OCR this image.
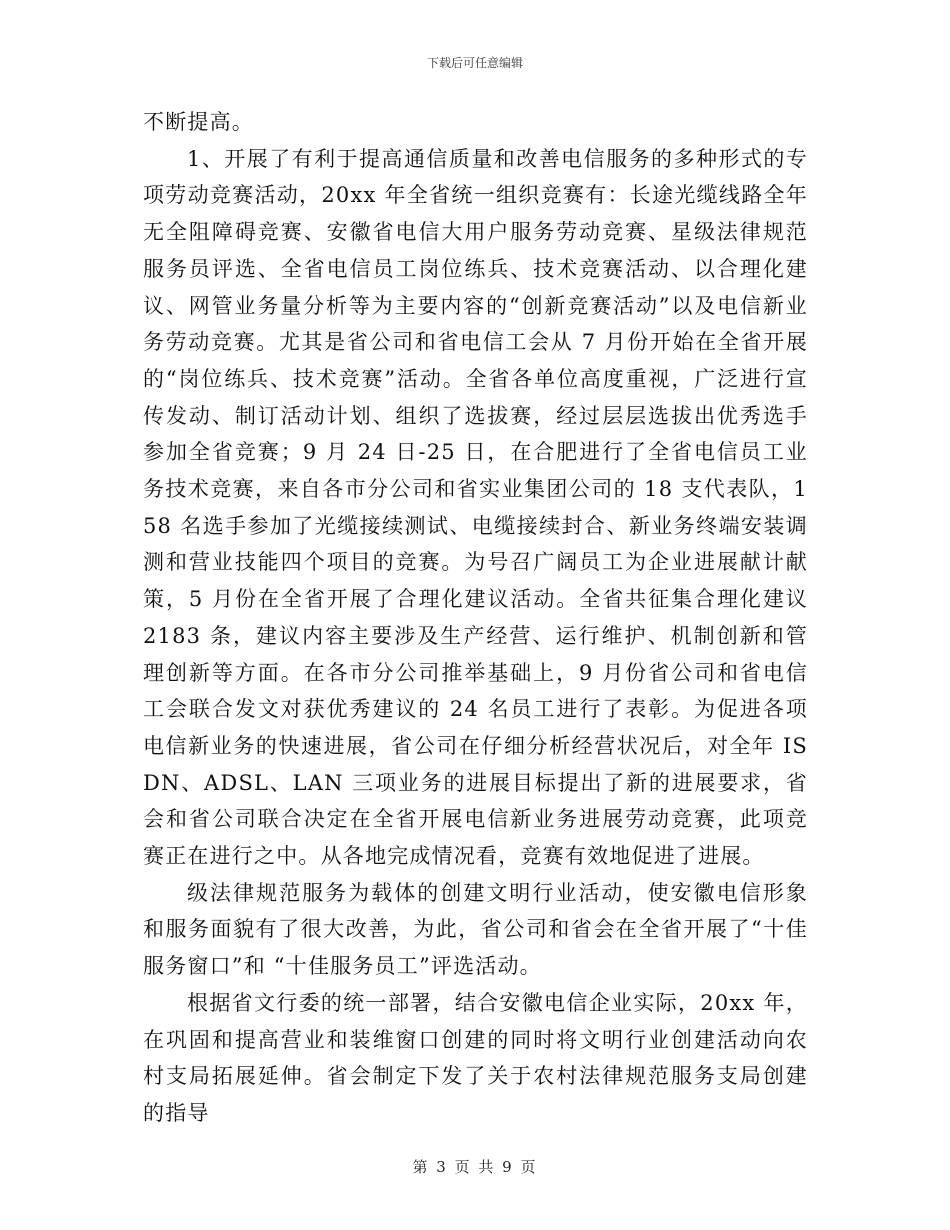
下载后可任意编辑

不断提高。

1、开展了有利于提高通信质量和改善电信服务的多种形式的专项劳动竞赛活动，20xx 年全省统一组织竞赛有：长途光缆线路全年无全阻障碍竞赛、安徽省电信大用户服务劳动竞赛、星级法律规范服务员评选、全省电信员工岗位练兵、技术竞赛活动、以合理化建议、网管业务量分析等为主要内容的“创新竞赛活动”以及电信新业务劳动竞赛。尤其是省公司和省电信工会从 7 月份开始在全省开展的“岗位练兵、技术竞赛”活动。全省各单位高度重视，广泛进行宣传发动、制订活动计划、组织了选拔赛，经过层层选拔出优秀选手参加全省竞赛；9 月 24 日-25 日，在合肥进行了全省电信员工业务技术竞赛，来自各市分公司和省实业集团公司的 18 支代表队，158 名选手参加了光缆接续测试、电缆接续封合、新业务终端安装调测和营业技能四个项目的竞赛。为号召广阔员工为企业进展献计献策，5 月份在全省开展了合理化建议活动。全省共征集合理化建议 2183 条，建议内容主要涉及生产经营、运行维护、机制创新和管理创新等方面。在各市分公司推举基础上，9 月份省公司和省电信工会联合发文对获优秀建议的 24 名员工进行了表彰。为促进各项电信新业务的快速进展，省公司在仔细分析经营状况后，对全年 ISDN、ADSL、LAN 三项业务的进展目标提出了新的进展要求，省会和省公司联合决定在全省开展电信新业务进展劳动竞赛，此项竞赛正在进行之中。从各地完成情况看，竞赛有效地促进了进展。

级法律规范服务为载体的创建文明行业活动，使安徽电信形象和服务面貌有了很大改善，为此，省公司和省会在全省开展了“十佳服务窗口”和 “十佳服务员工”评选活动。

根据省文行委的统一部署，结合安徽电信企业实际，20xx 年，在巩固和提高营业和装维窗口创建的同时将文明行业创建活动向农村支局拓展延伸。省会制定下发了关于农村法律规范服务支局创建的指导

第 3 页 共 9 页
